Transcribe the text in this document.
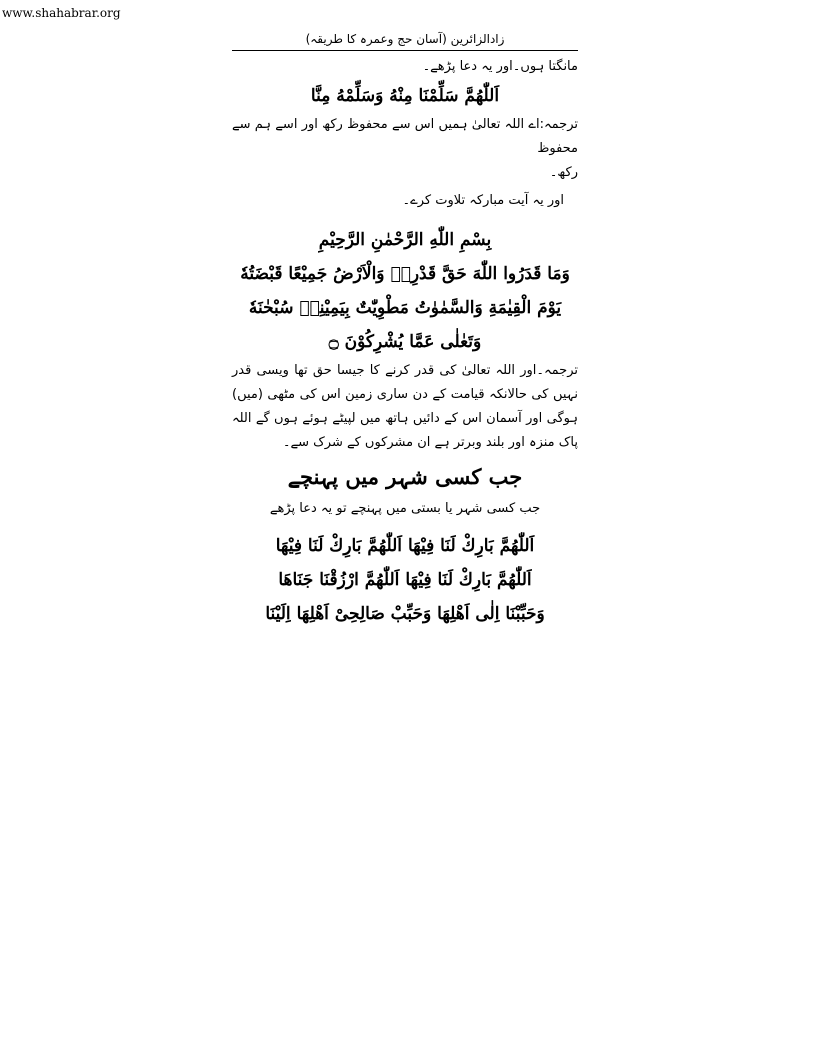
www.shahabrar.org
زادالزائرین (آسان حج وعمرہ کا طریقہ)
مانگتا ہوں۔اور یہ دعا پڑھے۔
اَللّٰهُمَّ سَلِّمْنَا مِنْهُ وَسَلِّمْهُ مِنَّا
ترجمہ:اے اللہ تعالیٰ ہمیں اس سے محفوظ رکھ اور اسے ہم سے محفوظ
رکھ۔
اور یہ آیت مبارکہ تلاوت کرے۔
بِسْمِ اللّٰهِ الرَّحْمٰنِ الرَّحِيْمِ
وَمَا قَدَرُوا اللّٰهَ حَقَّ قَدْرِهٖ وَالْاَرْضُ جَمِيْعًا قَبْضَتُهٗ
يَوْمَ الْقِيٰمَةِ وَالسَّمٰوٰتُ مَطْوِيّٰتٌ بِيَمِيْنِهٖ سُبْحٰنَهٗ
وَتَعٰلٰى عَمَّا يُشْرِكُوْنَ ۝
ترجمہ۔اور اللہ تعالیٰ کی قدر کرنے کا جیسا حق تھا ویسی قدر نہیں کی حالانکہ قیامت کے دن ساری زمین اس کی مٹھی (میں) ہوگی اور آسمان اس کے دائیں ہاتھ میں لپیٹے ہوئے ہوں گے اللہ پاک منزہ اور بلند وبرتر ہے ان مشرکوں کے شرک سے۔
جب کسی شہر میں پہنچے
جب کسی شہر یا بستی میں پہنچے تو یہ دعا پڑھے
اَللّٰهُمَّ بَارِكْ لَنَا فِيْهَا اَللّٰهُمَّ بَارِكْ لَنَا فِيْهَا
اَللّٰهُمَّ بَارِكْ لَنَا فِيْهَا اَللّٰهُمَّ ارْزُقْنَا جَنَاهَا
وَحَبِّبْنَا اِلٰى اَهْلِهَا وَحَبِّبْ صَالِحِىْ اَهْلِهَا اِلَيْنَا
